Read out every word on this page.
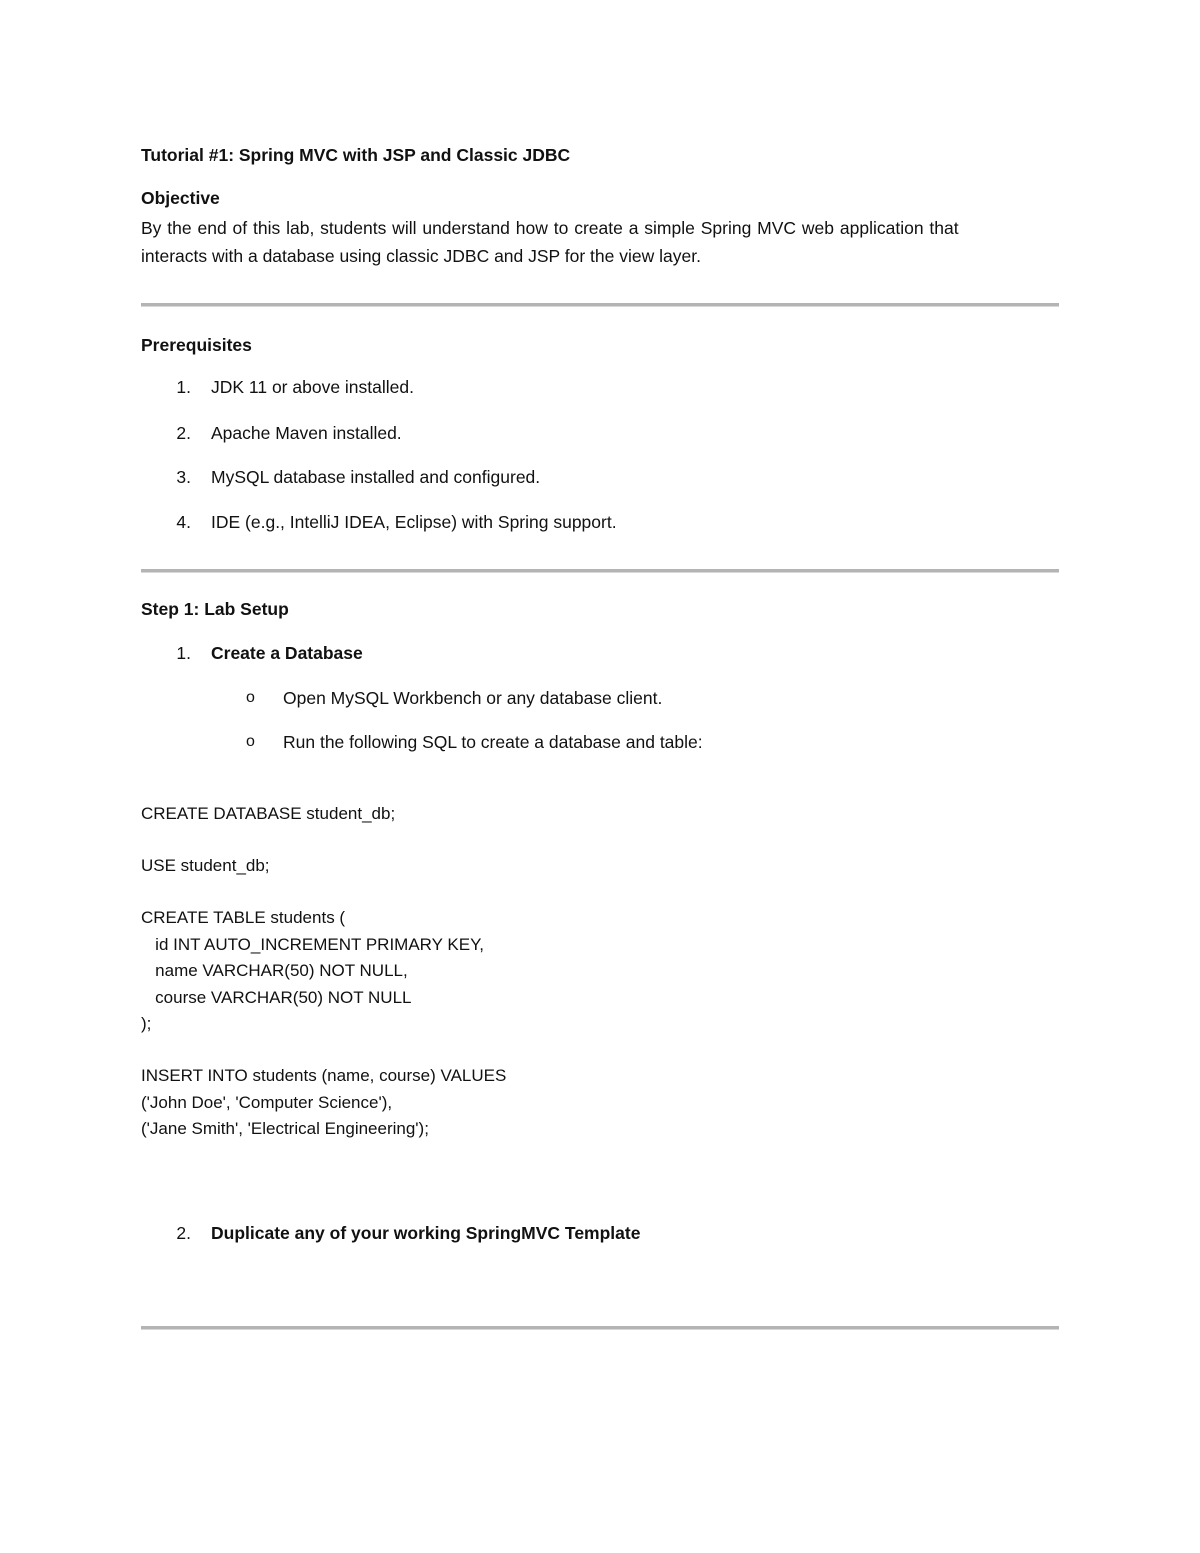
Tutorial #1: Spring MVC with JSP and Classic JDBC
Objective
By the end of this lab, students will understand how to create a simple Spring MVC web application that
interacts with a database using classic JDBC and JSP for the view layer.
Prerequisites
1. JDK 11 or above installed.
2. Apache Maven installed.
3. MySQL database installed and configured.
4. IDE (e.g., IntelliJ IDEA, Eclipse) with Spring support.
Step 1: Lab Setup
1. Create a Database
o Open MySQL Workbench or any database client.
o Run the following SQL to create a database and table:
CREATE DATABASE student_db;
USE student_db;
CREATE TABLE students (
id INT AUTO_INCREMENT PRIMARY KEY,
name VARCHAR(50) NOT NULL,
course VARCHAR(50) NOT NULL
);
INSERT INTO students (name, course) VALUES
('John Doe', 'Computer Science'),
('Jane Smith', 'Electrical Engineering');
2. Duplicate any of your working SpringMVC Template
